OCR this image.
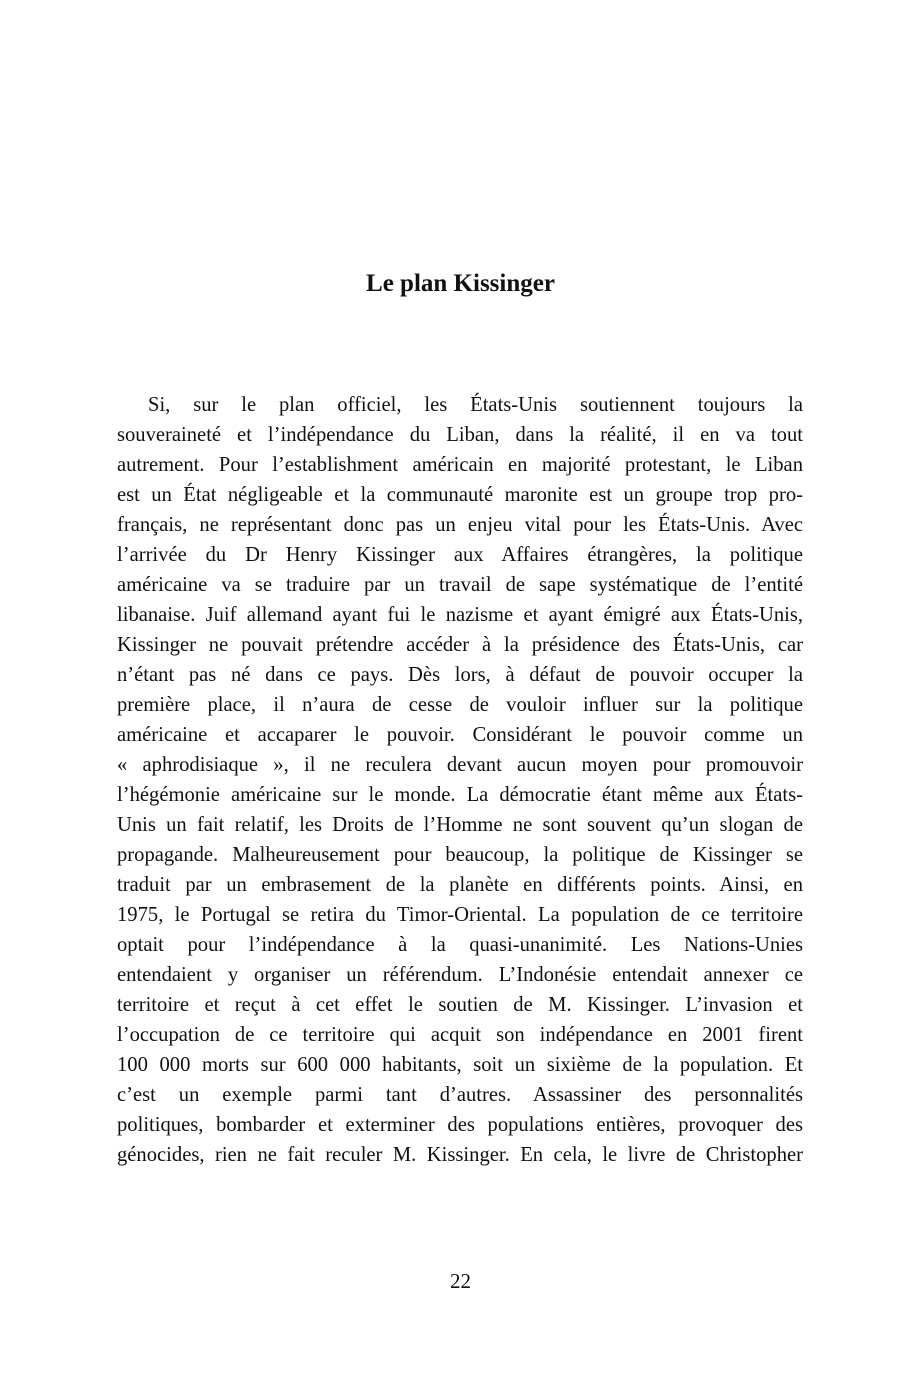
Le plan Kissinger
Si, sur le plan officiel, les États-Unis soutiennent toujours la
souveraineté et l’indépendance du Liban, dans la réalité, il en va tout
autrement. Pour l’establishment américain en majorité protestant, le Liban
est un État négligeable et la communauté maronite est un groupe trop pro-
français, ne représentant donc pas un enjeu vital pour les États-Unis. Avec
l’arrivée du Dr Henry Kissinger aux Affaires étrangères, la politique
américaine va se traduire par un travail de sape systématique de l’entité
libanaise. Juif allemand ayant fui le nazisme et ayant émigré aux États-Unis,
Kissinger ne pouvait prétendre accéder à la présidence des États-Unis, car
n’étant pas né dans ce pays. Dès lors, à défaut de pouvoir occuper la
première place, il n’aura de cesse de vouloir influer sur la politique
américaine et accaparer le pouvoir. Considérant le pouvoir comme un
« aphrodisiaque », il ne reculera devant aucun moyen pour promouvoir
l’hégémonie américaine sur le monde. La démocratie étant même aux États-
Unis un fait relatif, les Droits de l’Homme ne sont souvent qu’un slogan de
propagande. Malheureusement pour beaucoup, la politique de Kissinger se
traduit par un embrasement de la planète en différents points. Ainsi, en
1975, le Portugal se retira du Timor-Oriental. La population de ce territoire
optait pour l’indépendance à la quasi-unanimité. Les Nations-Unies
entendaient y organiser un référendum. L’Indonésie entendait annexer ce
territoire et reçut à cet effet le soutien de M. Kissinger. L’invasion et
l’occupation de ce territoire qui acquit son indépendance en 2001 firent
100 000 morts sur 600 000 habitants, soit un sixième de la population. Et
c’est un exemple parmi tant d’autres. Assassiner des personnalités
politiques, bombarder et exterminer des populations entières, provoquer des
génocides, rien ne fait reculer M. Kissinger. En cela, le livre de Christopher
22
